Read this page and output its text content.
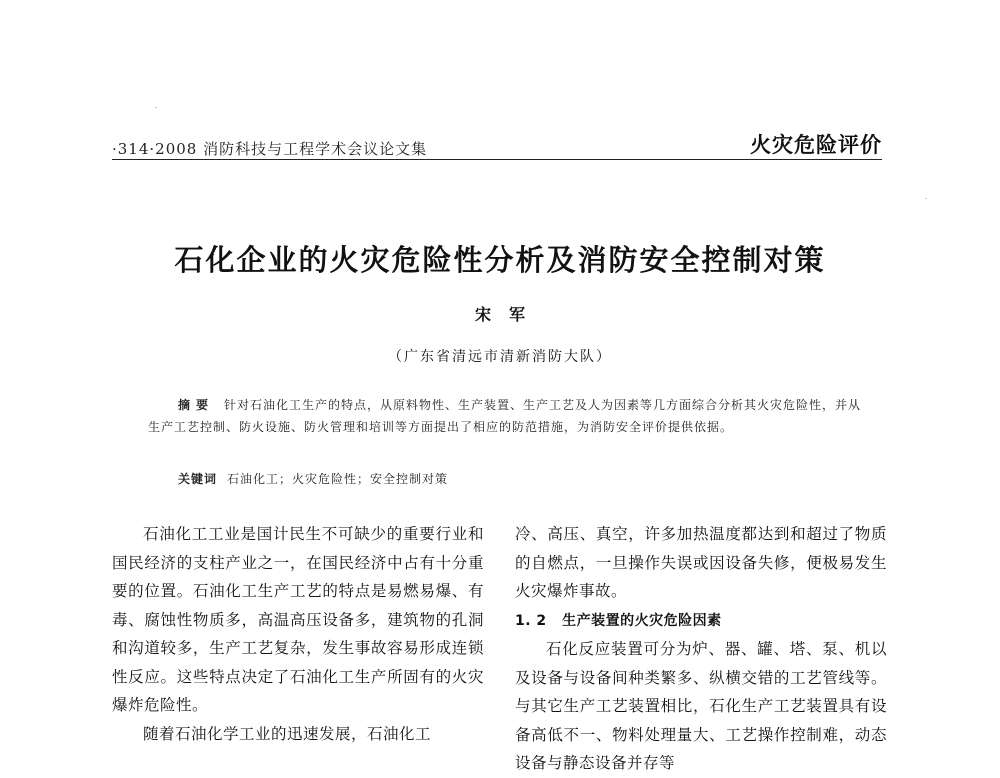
·314·2008 消防科技与工程学术会议论文集	火灾危险评价
石化企业的火灾危险性分析及消防安全控制对策
宋军
（广东省清远市清新消防大队）
摘要 针对石油化工生产的特点，从原料物性、生产装置、生产工艺及人为因素等几方面综合分析其火灾危险性，并从生产工艺控制、防火设施、防火管理和培训等方面提出了相应的防范措施，为消防安全评价提供依据。
关键词 石油化工；火灾危险性；安全控制对策

石油化工工业是国计民生不可缺少的重要行业和国民经济的支柱产业之一，在国民经济中占有十分重要的位置。石油化工生产工艺的特点是易燃易爆、有毒、腐蚀性物质多，高温高压设备多，建筑物的孔洞和沟道较多，生产工艺复杂，发生事故容易形成连锁性反应。这些特点决定了石油化工生产所固有的火灾爆炸危险性。

随着石油化学工业的迅速发展，石油化工

冷、高压、真空，许多加热温度都达到和超过了物质的自燃点，一旦操作失误或因设备失修，便极易发生火灾爆炸事故。

1. 2 生产装置的火灾危险因素

石化反应装置可分为炉、器、罐、塔、泵、机以及设备与设备间种类繁多、纵横交错的工艺管线等。与其它生产工艺装置相比，石化生产工艺装置具有设备高低不一、物料处理量大、工艺操作控制难，动态设备与静态设备并存等

·
·
